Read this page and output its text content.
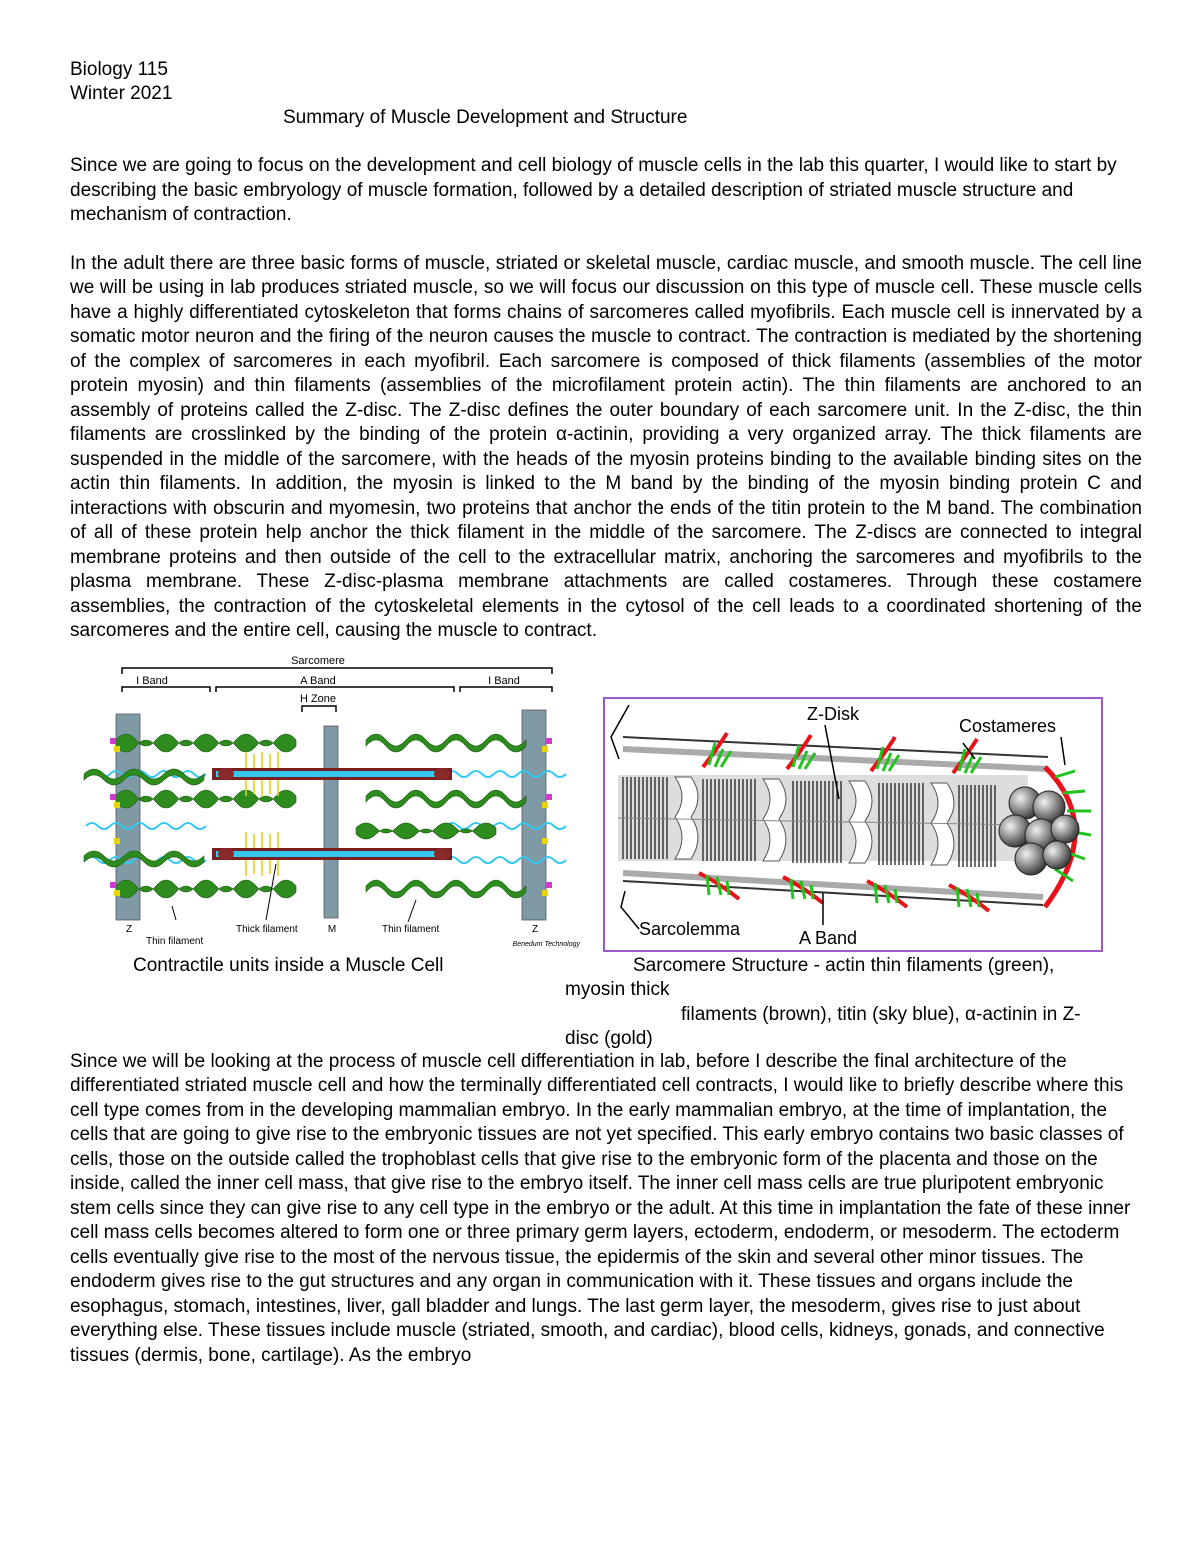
Biology 115
Winter 2021
Summary of Muscle Development and Structure

Since we are going to focus on the development and cell biology of muscle cells in the lab this quarter, I would like to start by describing the basic embryology of muscle formation, followed by a detailed description of striated muscle structure and mechanism of contraction.

In the adult there are three basic forms of muscle, striated or skeletal muscle, cardiac muscle, and smooth muscle. The cell line we will be using in lab produces striated muscle, so we will focus our discussion on this type of muscle cell. These muscle cells have a highly differentiated cytoskeleton that forms chains of sarcomeres called myofibrils. Each muscle cell is innervated by a somatic motor neuron and the firing of the neuron causes the muscle to contract. The contraction is mediated by the shortening of the complex of sarcomeres in each myofibril. Each sarcomere is composed of thick filaments (assemblies of the motor protein myosin) and thin filaments (assemblies of the microfilament protein actin). The thin filaments are anchored to an assembly of proteins called the Z-disc. The Z-disc defines the outer boundary of each sarcomere unit. In the Z-disc, the thin filaments are crosslinked by the binding of the protein α-actinin, providing a very organized array. The thick filaments are suspended in the middle of the sarcomere, with the heads of the myosin proteins binding to the available binding sites on the actin thin filaments. In addition, the myosin is linked to the M band by the binding of the myosin binding protein C and interactions with obscurin and myomesin, two proteins that anchor the ends of the titin protein to the M band. The combination of all of these protein help anchor the thick filament in the middle of the sarcomere. The Z-discs are connected to integral membrane proteins and then outside of the cell to the extracellular matrix, anchoring the sarcomeres and myofibrils to the plasma membrane. These Z-disc-plasma membrane attachments are called costameres. Through these costamere assemblies, the contraction of the cytoskeletal elements in the cytosol of the cell leads to a coordinated shortening of the sarcomeres and the entire cell, causing the muscle to contract.

Sarcomere
I Band	A Band	I Band
H Zone
Z
Thin filament
Thick filament	M	Thin filament	Z
Benedum Technology
Z-Disk
Costameres
Sarcolemma	A Band
Contractile units inside a Muscle Cell	Sarcomere Structure - actin thin filaments (green),
myosin thick
filaments (brown), titin (sky blue), α-actinin in Z-
disc (gold)

Since we will be looking at the process of muscle cell differentiation in lab, before I describe the final architecture of the differentiated striated muscle cell and how the terminally differentiated cell contracts, I would like to briefly describe where this cell type comes from in the developing mammalian embryo. In the early mammalian embryo, at the time of implantation, the cells that are going to give rise to the embryonic tissues are not yet specified. This early embryo contains two basic classes of cells, those on the outside called the trophoblast cells that give rise to the embryonic form of the placenta and those on the inside, called the inner cell mass, that give rise to the embryo itself. The inner cell mass cells are true pluripotent embryonic stem cells since they can give rise to any cell type in the embryo or the adult. At this time in implantation the fate of these inner cell mass cells becomes altered to form one or three primary germ layers, ectoderm, endoderm, or mesoderm. The ectoderm cells eventually give rise to the most of the nervous tissue, the epidermis of the skin and several other minor tissues. The endoderm gives rise to the gut structures and any organ in communication with it. These tissues and organs include the esophagus, stomach, intestines, liver, gall bladder and lungs. The last germ layer, the mesoderm, gives rise to just about everything else. These tissues include muscle (striated, smooth, and cardiac), blood cells, kidneys, gonads, and connective tissues (dermis, bone, cartilage). As the embryo
